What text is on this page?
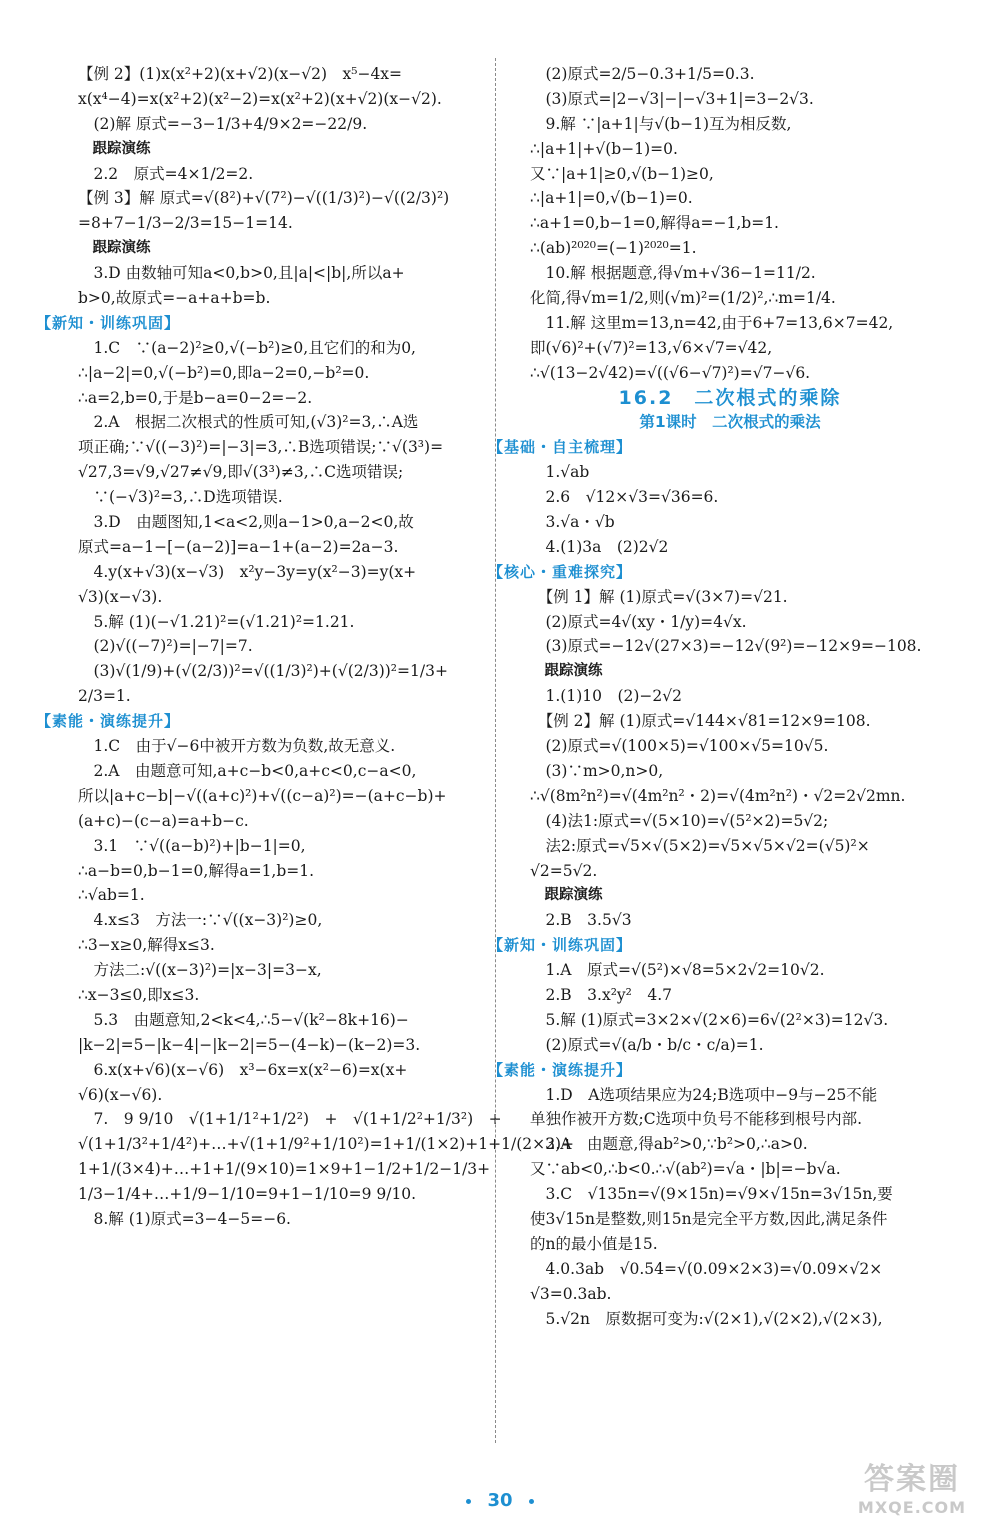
【例 2】(1)x(x²+2)(x+√2)(x−√2)　x⁵−4x=
x(x⁴−4)=x(x²+2)(x²−2)=x(x²+2)(x+√2)(x−√2).
　(2)解 原式=−3−1/3+4/9×2=−22/9.
　跟踪演练
　2.2　原式=4×1/2=2.
【例 3】解 原式=√(8²)+√(7²)−√((1/3)²)−√((2/3)²)
=8+7−1/3−2/3=15−1=14.
　跟踪演练
　3.D 由数轴可知a<0,b>0,且|a|<|b|,所以a+
b>0,故原式=−a+a+b=b.
【新知・训练巩固】
　1.C　∵(a−2)²≥0,√(−b²)≥0,且它们的和为0,
∴|a−2|=0,√(−b²)=0,即a−2=0,−b²=0.
∴a=2,b=0,于是b−a=0−2=−2.
　2.A　根据二次根式的性质可知,(√3)²=3,∴A选
项正确;∵√((−3)²)=|−3|=3,∴B选项错误;∵√(3³)=
√27,3=√9,√27≠√9,即√(3³)≠3,∴C选项错误;
　∵(−√3)²=3,∴D选项错误.
　3.D　由题图知,1<a<2,则a−1>0,a−2<0,故
原式=a−1−[−(a−2)]=a−1+(a−2)=2a−3.
　4.y(x+√3)(x−√3)　x²y−3y=y(x²−3)=y(x+
√3)(x−√3).
　5.解 (1)(−√1.21)²=(√1.21)²=1.21.
　(2)√((−7)²)=|−7|=7.
　(3)√(1/9)+(√(2/3))²=√((1/3)²)+(√(2/3))²=1/3+
2/3=1.
【素能・演练提升】
　1.C　由于√−6中被开方数为负数,故无意义.
　2.A　由题意可知,a+c−b<0,a+c<0,c−a<0,
所以|a+c−b|−√((a+c)²)+√((c−a)²)=−(a+c−b)+
(a+c)−(c−a)=a+b−c.
　3.1　∵√((a−b)²)+|b−1|=0,
∴a−b=0,b−1=0,解得a=1,b=1.
∴√ab=1.
　4.x≤3　方法一:∵√((x−3)²)≥0,
∴3−x≥0,解得x≤3.
　方法二:√((x−3)²)=|x−3|=3−x,
∴x−3≤0,即x≤3.
　5.3　由题意知,2<k<4,∴5−√(k²−8k+16)−
|k−2|=5−|k−4|−|k−2|=5−(4−k)−(k−2)=3.
　6.x(x+√6)(x−√6)　x³−6x=x(x²−6)=x(x+
√6)(x−√6).
　7.　9 9/10　√(1+1/1²+1/2²)　+　√(1+1/2²+1/3²)　+
√(1+1/3²+1/4²)+…+√(1+1/9²+1/10²)=1+1/(1×2)+1+1/(2×3)+
1+1/(3×4)+…+1+1/(9×10)=1×9+1−1/2+1/2−1/3+
1/3−1/4+…+1/9−1/10=9+1−1/10=9 9/10.
　8.解 (1)原式=3−4−5=−6.
　(2)原式=2/5−0.3+1/5=0.3.
　(3)原式=|2−√3|−|−√3+1|=3−2√3.
　9.解 ∵|a+1|与√(b−1)互为相反数,
∴|a+1|+√(b−1)=0.
又∵|a+1|≥0,√(b−1)≥0,
∴|a+1|=0,√(b−1)=0.
∴a+1=0,b−1=0,解得a=−1,b=1.
∴(ab)²⁰²⁰=(−1)²⁰²⁰=1.
　10.解 根据题意,得√m+√36−1=11/2.
化简,得√m=1/2,则(√m)²=(1/2)²,∴m=1/4.
　11.解 这里m=13,n=42,由于6+7=13,6×7=42,
即(√6)²+(√7)²=13,√6×√7=√42,
∴√(13−2√42)=√((√6−√7)²)=√7−√6.
16.2　二次根式的乘除
第1课时　二次根式的乘法
【基础・自主梳理】
　1.√ab
　2.6　√12×√3=√36=6.
　3.√a・√b
　4.(1)3a　(2)2√2
【核心・重难探究】
　【例 1】解 (1)原式=√(3×7)=√21.
　(2)原式=4√(xy・1/y)=4√x.
　(3)原式=−12√(27×3)=−12√(9²)=−12×9=−108.
　跟踪演练
　1.(1)10　(2)−2√2
　【例 2】解 (1)原式=√144×√81=12×9=108.
　(2)原式=√(100×5)=√100×√5=10√5.
　(3)∵m>0,n>0,
∴√(8m²n²)=√(4m²n²・2)=√(4m²n²)・√2=2√2mn.
　(4)法1:原式=√(5×10)=√(5²×2)=5√2;
　法2:原式=√5×√(5×2)=√5×√5×√2=(√5)²×
√2=5√2.
　跟踪演练
　2.B　3.5√3
【新知・训练巩固】
　1.A　原式=√(5²)×√8=5×2√2=10√2.
　2.B　3.x²y²　4.7
　5.解 (1)原式=3×2×√(2×6)=6√(2²×3)=12√3.
　(2)原式=√(a/b・b/c・c/a)=1.
【素能・演练提升】
　1.D　A选项结果应为24;B选项中−9与−25不能
单独作被开方数;C选项中负号不能移到根号内部.
　2.A　由题意,得ab²>0,∵b²>0,∴a>0.
又∵ab<0,∴b<0.∴√(ab²)=√a・|b|=−b√a.
　3.C　√135n=√(9×15n)=√9×√15n=3√15n,要
使3√15n是整数,则15n是完全平方数,因此,满足条件
的n的最小值是15.
　4.0.3ab　√0.54=√(0.09×2×3)=√0.09×√2×
√3=0.3ab.
　5.√2n　原数据可变为:√(2×1),√(2×2),√(2×3),
30
答案圈
MXQE.COM
